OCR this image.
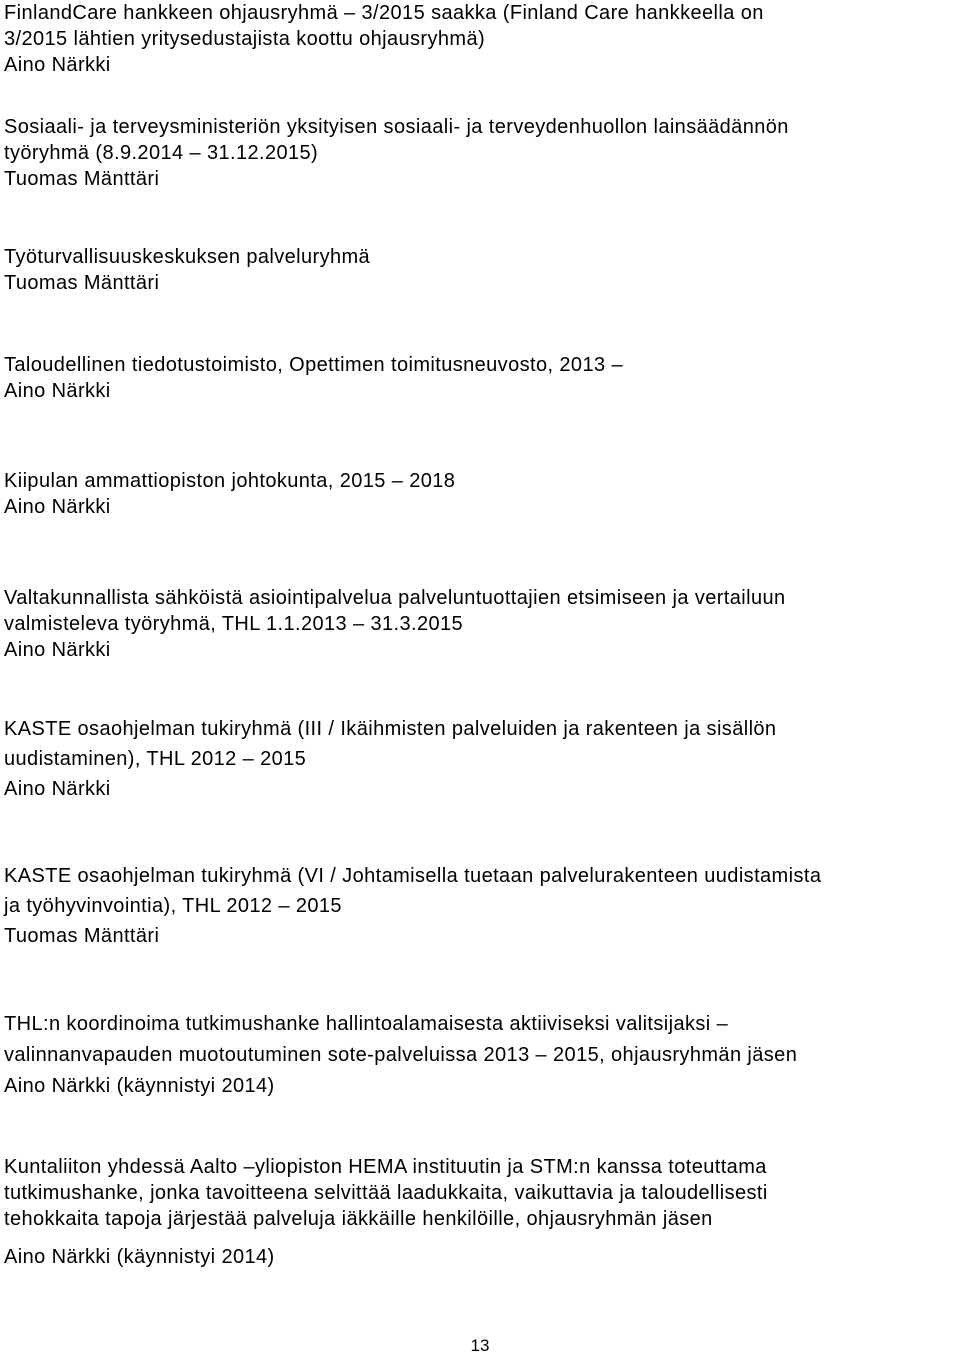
FinlandCare hankkeen ohjausryhmä – 3/2015 saakka (Finland Care hankkeella on
3/2015 lähtien yritysedustajista koottu ohjausryhmä)
Aino Närkki
Sosiaali- ja terveysministeriön yksityisen sosiaali- ja terveydenhuollon lainsäädännön
työryhmä (8.9.2014 – 31.12.2015)
Tuomas Mänttäri
Työturvallisuuskeskuksen palveluryhmä
Tuomas Mänttäri
Taloudellinen tiedotustoimisto, Opettimen toimitusneuvosto, 2013 –
Aino Närkki
Kiipulan ammattiopiston johtokunta, 2015 – 2018
Aino Närkki
Valtakunnallista sähköistä asiointipalvelua palveluntuottajien etsimiseen ja vertailuun
valmisteleva työryhmä, THL 1.1.2013 – 31.3.2015
Aino Närkki
KASTE osaohjelman tukiryhmä (III / Ikäihmisten palveluiden ja rakenteen ja sisällön
uudistaminen), THL 2012 – 2015
Aino Närkki
KASTE osaohjelman tukiryhmä (VI / Johtamisella tuetaan palvelurakenteen uudistamista
ja työhyvinvointia), THL 2012 – 2015
Tuomas Mänttäri
THL:n koordinoima tutkimushanke hallintoalamaisesta aktiiviseksi valitsijaksi –
valinnanvapauden muotoutuminen sote-palveluissa 2013 – 2015, ohjausryhmän jäsen
Aino Närkki (käynnistyi 2014)
Kuntaliiton yhdessä Aalto –yliopiston HEMA instituutin ja STM:n kanssa toteuttama
tutkimushanke, jonka tavoitteena selvittää laadukkaita, vaikuttavia ja taloudellisesti
tehokkaita tapoja järjestää palveluja iäkkäille henkilöille, ohjausryhmän jäsen
Aino Närkki (käynnistyi 2014)
13
